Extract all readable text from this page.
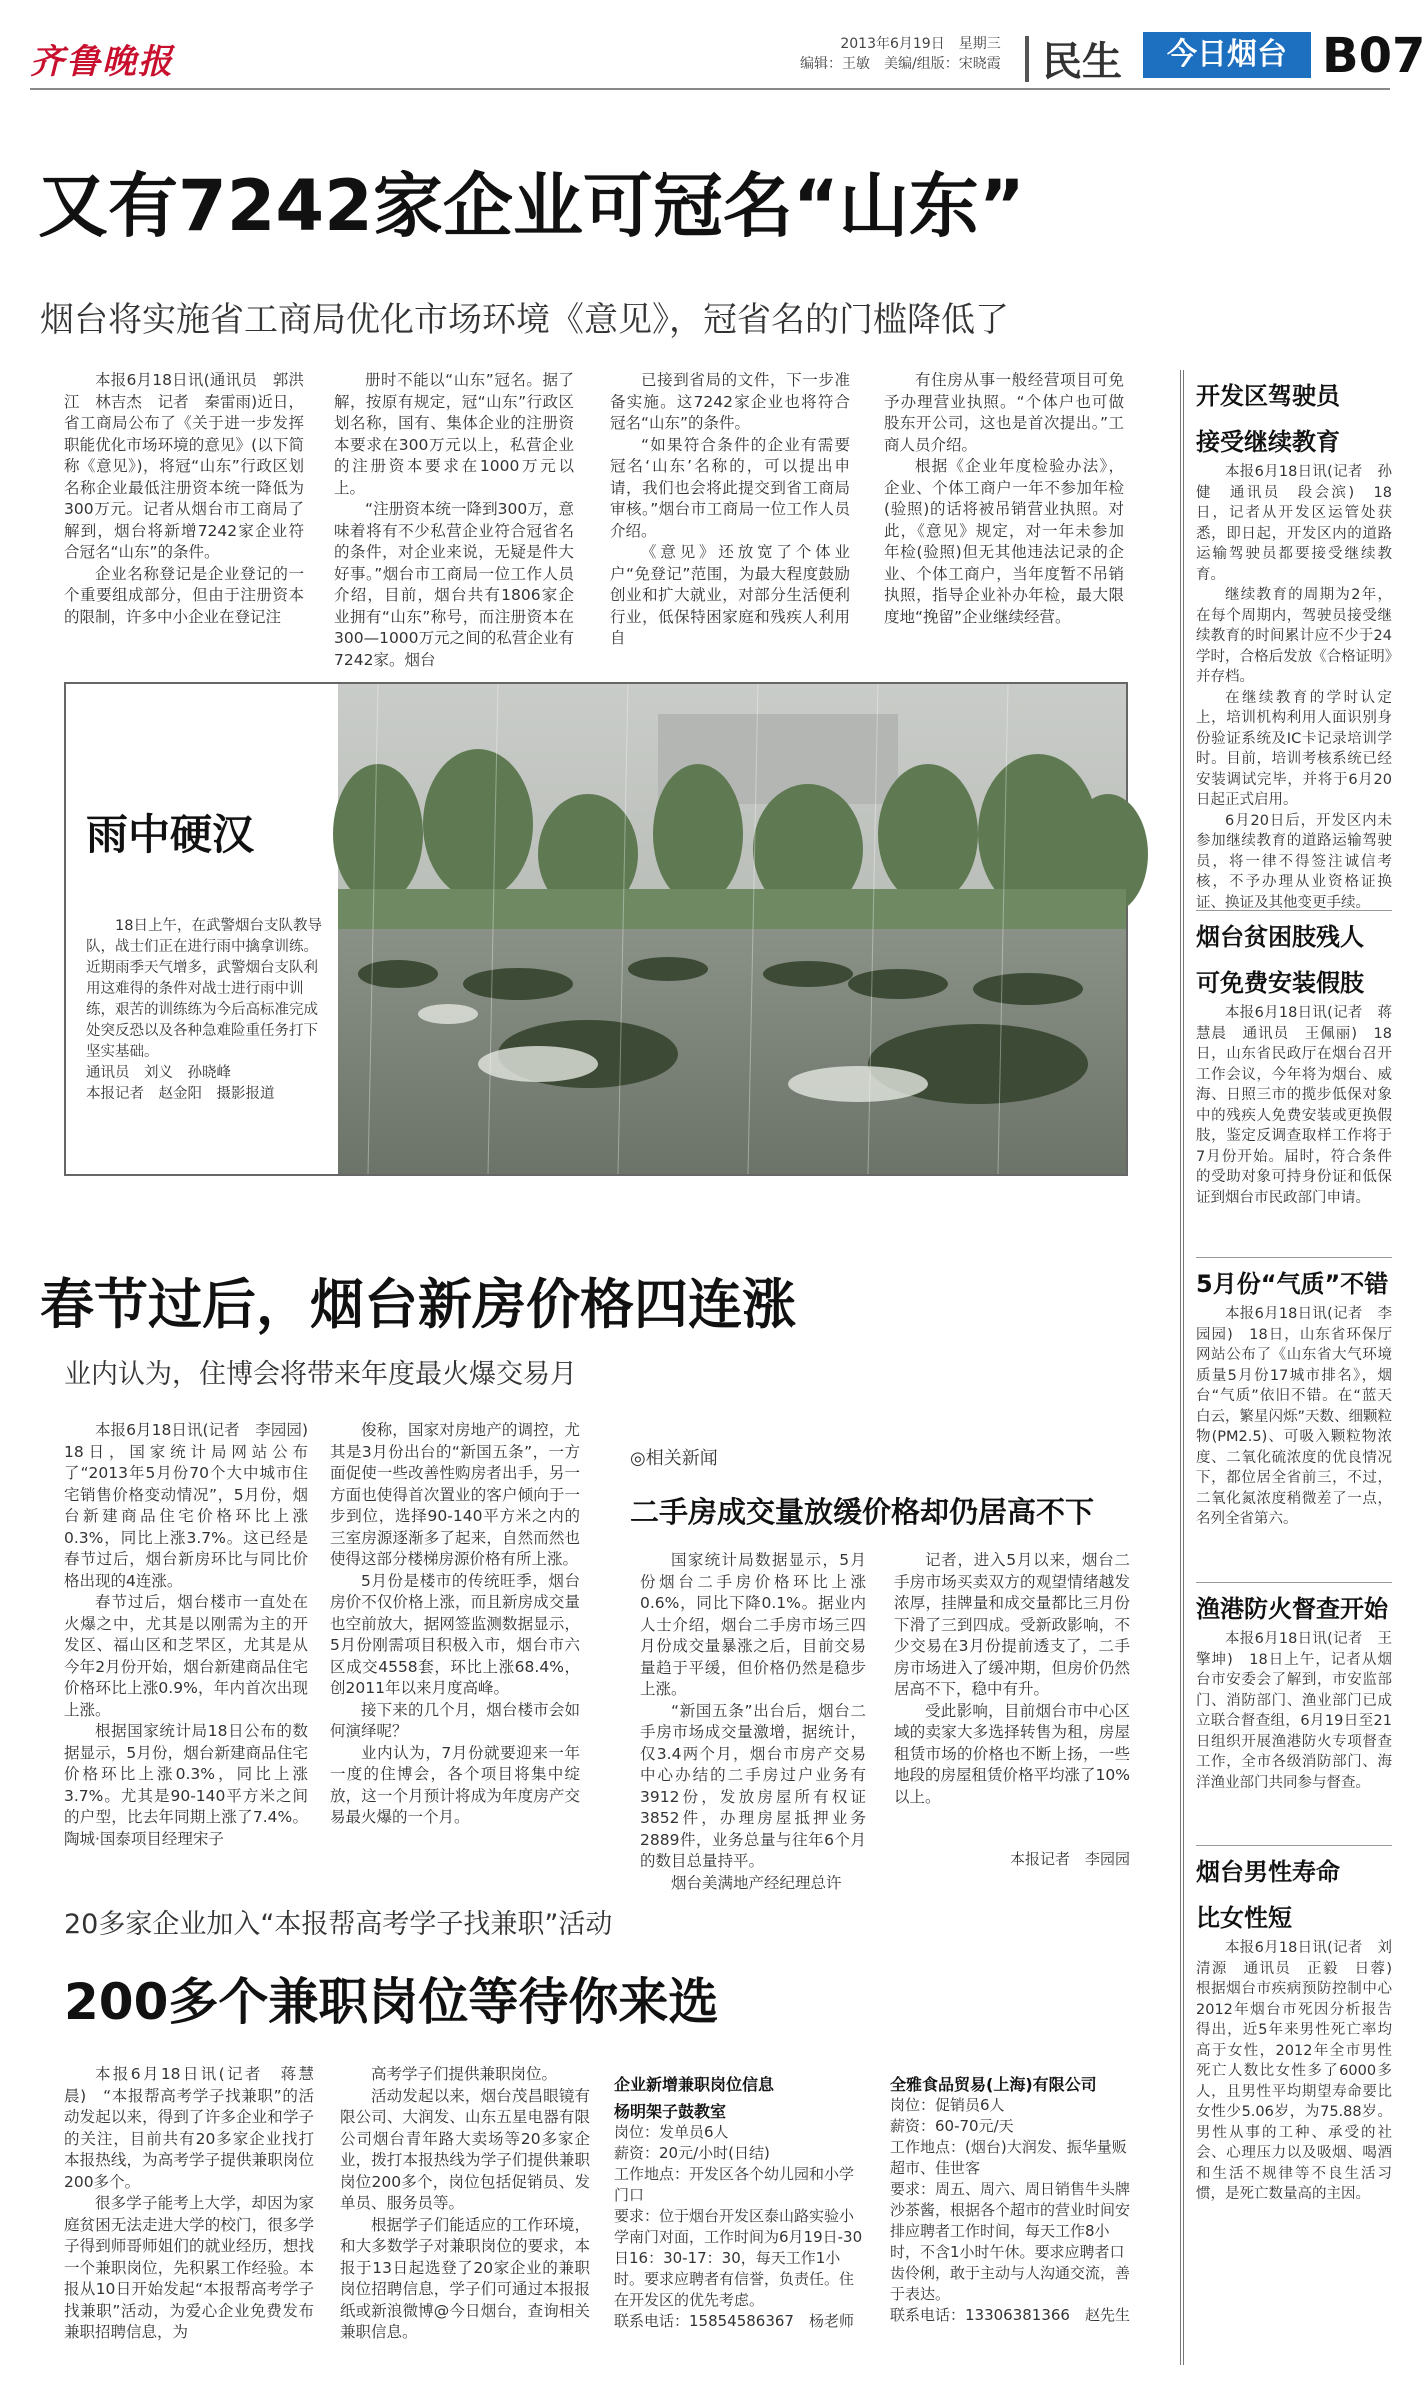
齐鲁晚报	2013年6月19日　星期三
编辑：王敏　美编/组版：宋晓霞 民生	今日烟台 B07
又有7242家企业可冠名“山东”
烟台将实施省工商局优化市场环境《意见》，冠省名的门槛降低了

本报6月18日讯(通讯员　郭洪江　林吉杰　记者　秦雷雨)近日，省工商局公布了《关于进一步发挥职能优化市场环境的意见》(以下简称《意见》)，将冠“山东”行政区划名称企业最低注册资本统一降低为300万元。记者从烟台市工商局了解到，烟台将新增7242家企业符合冠名“山东”的条件。

企业名称登记是企业登记的一个重要组成部分，但由于注册资本的限制，许多中小企业在登记注

册时不能以“山东”冠名。据了解，按原有规定，冠“山东”行政区划名称，国有、集体企业的注册资本要求在300万元以上，私营企业的注册资本要求在1000万元以上。

“注册资本统一降到300万，意味着将有不少私营企业符合冠省名的条件，对企业来说，无疑是件大好事。”烟台市工商局一位工作人员介绍，目前，烟台共有1806家企业拥有“山东”称号，而注册资本在300—1000万元之间的私营企业有7242家。烟台

已接到省局的文件，下一步准备实施。这7242家企业也将符合冠名“山东”的条件。

“如果符合条件的企业有需要冠名‘山东’名称的，可以提出申请，我们也会将此提交到省工商局审核。”烟台市工商局一位工作人员介绍。

《意见》还放宽了个体业户“免登记”范围，为最大程度鼓励创业和扩大就业，对部分生活便利行业，低保特困家庭和残疾人利用自

有住房从事一般经营项目可免予办理营业执照。“个体户也可做股东开公司，这也是首次提出。”工商人员介绍。

根据《企业年度检验办法》，企业、个体工商户一年不参加年检(验照)的话将被吊销营业执照。对此，《意见》规定，对一年未参加年检(验照)但无其他违法记录的企业、个体工商户，当年度暂不吊销执照，指导企业补办年检，最大限度地“挽留”企业继续经营。

雨中硬汉

18日上午，在武警烟台支队教导队，战士们正在进行雨中擒拿训练。近期雨季天气增多，武警烟台支队利用这难得的条件对战士进行雨中训练，艰苦的训练练为今后高标准完成处突反恐以及各种急难险重任务打下坚实基础。

通讯员　刘义　孙晓峰
本报记者　赵金阳　摄影报道
春节过后，烟台新房价格四连涨
业内认为，住博会将带来年度最火爆交易月

本报6月18日讯(记者　李园园)　18日，国家统计局网站公布了“2013年5月份70个大中城市住宅销售价格变动情况”，5月份，烟台新建商品住宅价格环比上涨0.3%，同比上涨3.7%。这已经是春节过后，烟台新房环比与同比价格出现的4连涨。

春节过后，烟台楼市一直处在火爆之中，尤其是以刚需为主的开发区、福山区和芝罘区，尤其是从今年2月份开始，烟台新建商品住宅价格环比上涨0.9%，年内首次出现上涨。

根据国家统计局18日公布的数据显示，5月份，烟台新建商品住宅价格环比上涨0.3%，同比上涨3.7%。尤其是90-140平方米之间的户型，比去年同期上涨了7.4%。陶城·国泰项目经理宋子

俊称，国家对房地产的调控，尤其是3月份出台的“新国五条”，一方面促使一些改善性购房者出手，另一方面也使得首次置业的客户倾向于一步到位，选择90-140平方米之内的三室房源逐渐多了起来，自然而然也使得这部分楼梯房源价格有所上涨。

5月份是楼市的传统旺季，烟台房价不仅价格上涨，而且新房成交量也空前放大，据网签监测数据显示，5月份刚需项目积极入市，烟台市六区成交4558套，环比上涨68.4%，创2011年以来月度高峰。

接下来的几个月，烟台楼市会如何演绎呢？

业内认为，7月份就要迎来一年一度的住博会，各个项目将集中绽放，这一个月预计将成为年度房产交易最火爆的一个月。

◎相关新闻
二手房成交量放缓价格却仍居高不下

国家统计局数据显示，5月份烟台二手房价格环比上涨0.6%，同比下降0.1%。据业内人士介绍，烟台二手房市场三四月份成交量暴涨之后，目前交易量趋于平缓，但价格仍然是稳步上涨。

“新国五条”出台后，烟台二手房市场成交量激增，据统计，仅3.4两个月，烟台市房产交易中心办结的二手房过户业务有3912份，发放房屋所有权证3852件，办理房屋抵押业务2889件，业务总量与往年6个月的数目总量持平。

烟台美满地产经纪理总许

记者，进入5月以来，烟台二手房市场买卖双方的观望情绪越发浓厚，挂牌量和成交量都比三月份下滑了三到四成。受新政影响，不少交易在3月份提前透支了，二手房市场进入了缓冲期，但房价仍然居高不下，稳中有升。

受此影响，目前烟台市中心区域的卖家大多选择转售为租，房屋租赁市场的价格也不断上扬，一些地段的房屋租赁价格平均涨了10%以上。

本报记者　李园园
20多家企业加入“本报帮高考学子找兼职”活动
200多个兼职岗位等待你来选

本报6月18日讯(记者　蒋慧晨)　“本报帮高考学子找兼职”的活动发起以来，得到了许多企业和学子的关注，目前共有20多家企业找打本报热线，为高考学子提供兼职岗位200多个。

很多学子能考上大学，却因为家庭贫困无法走进大学的校门，很多学子得到师哥师姐们的就业经历，想找一个兼职岗位，先积累工作经验。本报从10日开始发起“本报帮高考学子找兼职”活动，为爱心企业免费发布兼职招聘信息，为

高考学子们提供兼职岗位。

活动发起以来，烟台茂昌眼镜有限公司、大润发、山东五星电器有限公司烟台青年路大卖场等20多家企业，拨打本报热线为学子们提供兼职岗位200多个，岗位包括促销员、发单员、服务员等。

根据学子们能适应的工作环境，和大多数学子对兼职岗位的要求，本报于13日起选登了20家企业的兼职岗位招聘信息，学子们可通过本报报纸或新浪微博@今日烟台，查询相关兼职信息。

企业新增兼职岗位信息
杨明架子鼓教室
岗位：发单员6人
薪资：20元/小时(日结)
工作地点：开发区各个幼儿园和小学门口
要求：位于烟台开发区泰山路实验小学南门对面，工作时间为6月19日-30日16：30-17：30，每天工作1小时。要求应聘者有信誉，负责任。住在开发区的优先考虑。
联系电话：15854586367　杨老师
全雅食品贸易(上海)有限公司
岗位：促销员6人
薪资：60-70元/天
工作地点：(烟台)大润发、振华量贩超市、佳世客
要求：周五、周六、周日销售牛头牌沙茶酱，根据各个超市的营业时间安排应聘者工作时间，每天工作8小时，不含1小时午休。要求应聘者口齿伶俐，敢于主动与人沟通交流，善于表达。
联系电话：13306381366　赵先生
开发区驾驶员
接受继续教育

本报6月18日讯(记者　孙健　通讯员　段会滨)　18日，记者从开发区运管处获悉，即日起，开发区内的道路运输驾驶员都要接受继续教育。

继续教育的周期为2年，在每个周期内，驾驶员接受继续教育的时间累计应不少于24学时，合格后发放《合格证明》并存档。

在继续教育的学时认定上，培训机构利用人面识别身份验证系统及IC卡记录培训学时。目前，培训考核系统已经安装调试完毕，并将于6月20日起正式启用。

6月20日后，开发区内未参加继续教育的道路运输驾驶员，将一律不得签注诚信考核，不予办理从业资格证换证、换证及其他变更手续。

烟台贫困肢残人
可免费安装假肢

本报6月18日讯(记者　蒋慧晨　通讯员　王佩丽)　18日，山东省民政厅在烟台召开工作会议，今年将为烟台、威海、日照三市的揽步低保对象中的残疾人免费安装或更换假肢，鉴定反调查取样工作将于7月份开始。届时，符合条件的受助对象可持身份证和低保证到烟台市民政部门申请。

5月份“气质”不错

本报6月18日讯(记者　李园园)　18日，山东省环保厅网站公布了《山东省大气环境质量5月份17城市排名》，烟台“气质”依旧不错。在“蓝天白云，繁星闪烁”天数、细颗粒物(PM2.5)、可吸入颗粒物浓度、二氧化硫浓度的优良情况下，都位居全省前三，不过，二氧化氮浓度稍微差了一点，名列全省第六。

渔港防火督查开始

本报6月18日讯(记者　王擎坤)　18日上午，记者从烟台市安委会了解到，市安监部门、消防部门、渔业部门已成立联合督查组，6月19日至21日组织开展渔港防火专项督查工作，全市各级消防部门、海洋渔业部门共同参与督查。

烟台男性寿命
比女性短

本报6月18日讯(记者　刘清源　通讯员　正毅　日蓉)　根据烟台市疾病预防控制中心2012年烟台市死因分析报告得出，近5年来男性死亡率均高于女性，2012年全市男性死亡人数比女性多了6000多人，且男性平均期望寿命要比女性少5.06岁，为75.88岁。男性从事的工种、承受的社会、心理压力以及吸烟、喝酒和生活不规律等不良生活习惯，是死亡数量高的主因。
